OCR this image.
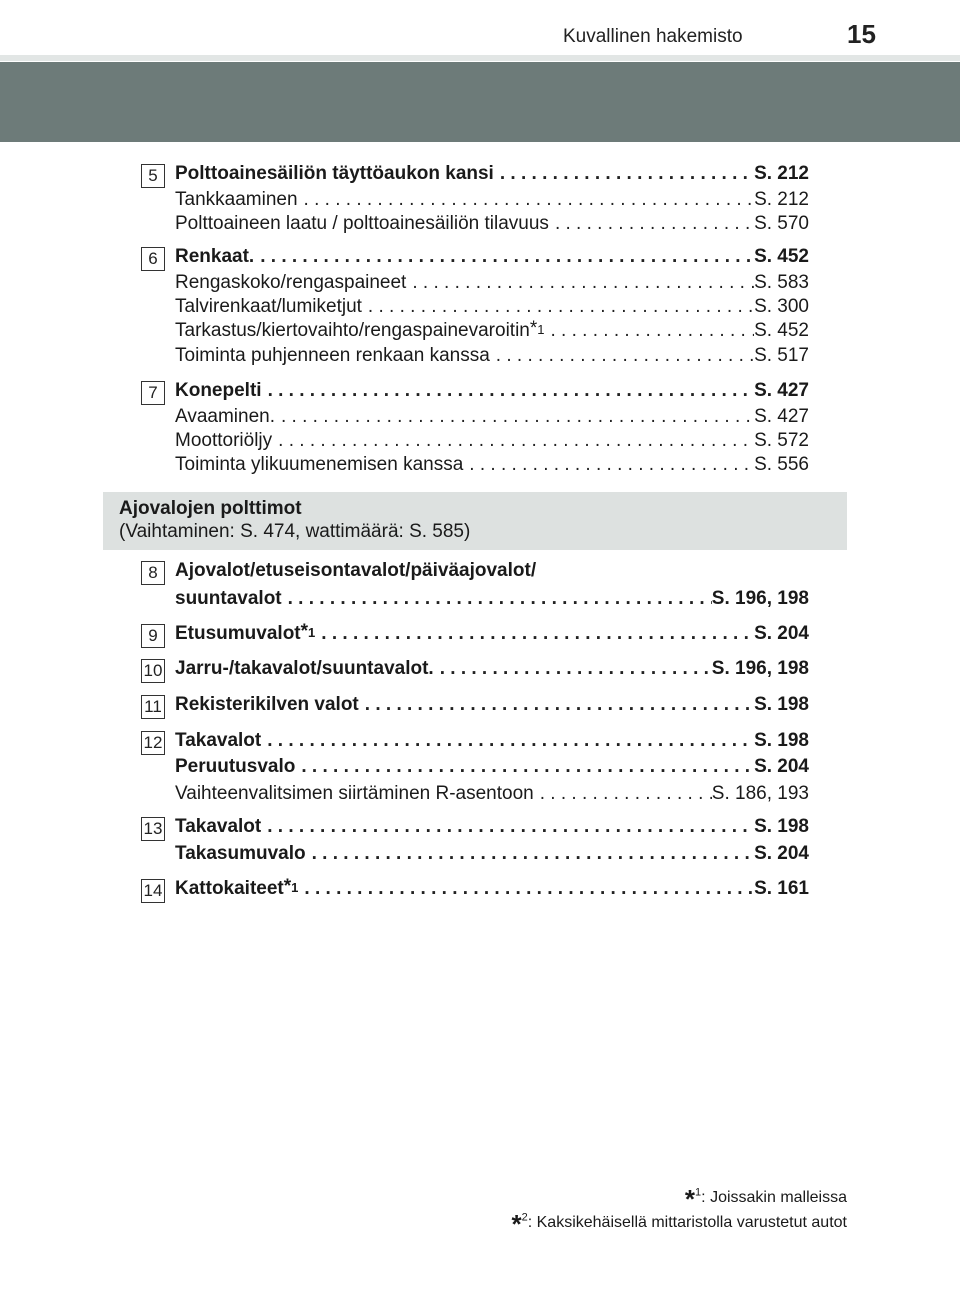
Kuvallinen hakemisto	15
5 Polttoainesäiliön täyttöaukon kansi . . .	S. 212
Tankkaaminen . . .	S. 212
Polttoaineen laatu / polttoainesäiliön tilavuus . . .	S. 570
6 Renkaat. . . .	S. 452
Rengaskoko/rengaspaineet . . .	S. 583
Talvirenkaat/lumiketjut . . .	S. 300
Tarkastus/kiertovaihto/rengaspainevaroitin $^{*1}$ . . .	S. 452
Toiminta puhjenneen renkaan kanssa . . .	S. 517
7 Konepelti . . .	S. 427
Avaaminen. . . .	S. 427
Moottoriöljy . . .	S. 572
Toiminta ylikuumenemisen kanssa . . .	S. 556
8 Ajovalot/etuseisontavalot/päiväajovalot/
suuntavalot . . .	S. 196, 198
9 Etusumuvalot $^{*1}$ . . .	S. 204
10 Jarru-/takavalot/suuntavalot. . . .	S. 196, 198
11 Rekisterikilven valot . . .	S. 198
12 Takavalot . . .	S. 198
Peruutusvalo . . .	S. 204
Vaihteenvalitsimen siirtäminen R-asentoon . . .	S. 186, 193
13 Takavalot . . .	S. 198
Takasumuvalo . . .	S. 204
14 Kattokaiteet $^{*1}$ . . .	S. 161
Ajovalojen polttimot
(Vaihtaminen: S. 474, wattimäärä: S. 585)
*$^1$: Joissakin malleissa
*$^2$: Kaksikehäisellä mittaristolla varustetut autot
